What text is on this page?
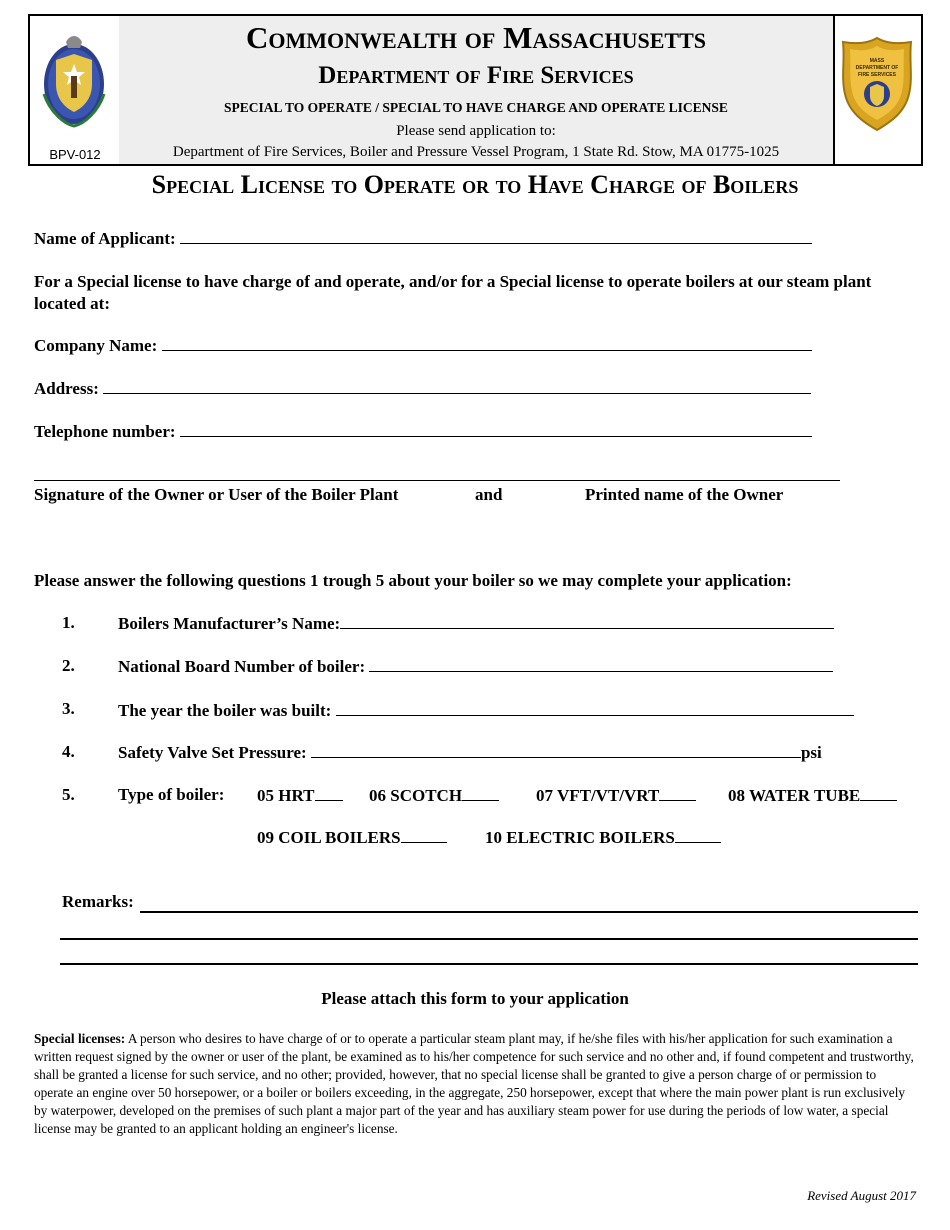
BPV-012
Commonwealth of Massachusetts
Department of Fire Services
SPECIAL TO OPERATE / SPECIAL TO HAVE CHARGE AND OPERATE LICENSE
Please send application to:
Department of Fire Services, Boiler and Pressure Vessel Program, 1 State Rd. Stow, MA 01775-1025
MASS
DEPARTMENT OF
FIRE SERVICES
Special License to Operate or to Have Charge of Boilers
Name of Applicant:
For a Special license to have charge of and operate, and/or for a Special license to operate boilers at our steam plant located at:
Company Name:
Address:
Telephone number:
Signature of the Owner or User of the Boiler Plant	and	Printed name of the Owner
Please answer the following questions 1 trough 5 about your boiler so we may complete your application:
1.	Boilers Manufacturer’s Name:
2.	National Board Number of boiler:
3.	The year the boiler was built:
4.	Safety Valve Set Pressure:	psi
5.	Type of boiler: 05 HRT	06 SCOTCH	07 VFT/VT/VRT	08 WATER TUBE
09 COIL BOILERS	10 ELECTRIC BOILERS
Remarks:
Please attach this form to your application
Special licenses: A person who desires to have charge of or to operate a particular steam plant may, if he/she files with his/her application for such examination a written request signed by the owner or user of the plant, be examined as to his/her competence for such service and no other and, if found competent and trustworthy, shall be granted a license for such service, and no other; provided, however, that no special license shall be granted to give a person charge of or permission to operate an engine over 50 horsepower, or a boiler or boilers exceeding, in the aggregate, 250 horsepower, except that where the main power plant is run exclusively by waterpower, developed on the premises of such plant a major part of the year and has auxiliary steam power for use during the periods of low water, a special license may be granted to an applicant holding an engineer's license.
Revised August 2017
